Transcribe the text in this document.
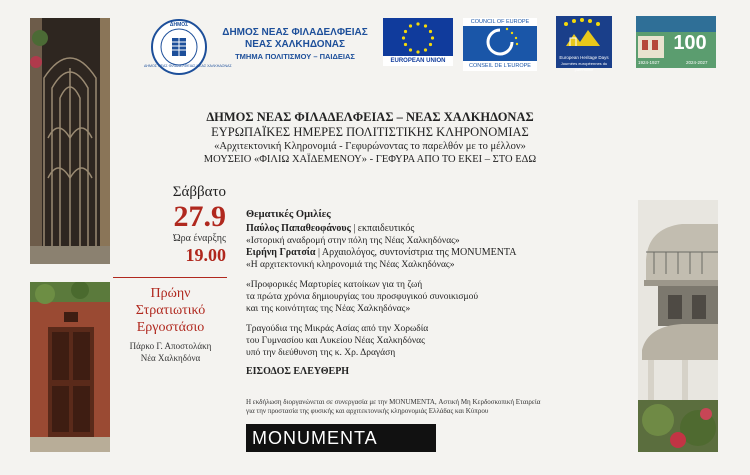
ΔΗΜΟΣ
ΔΗΜΟΣ ΝΕΑΣ ΦΙΛΑΔΕΛΦΕΙΑΣ-ΝΕΑΣ ΧΑΛΚΗΔΟΝΑΣ
ΔΗΜΟΣ ΝΕΑΣ ΦΙΛΑΔΕΛΦΕΙΑΣ
ΝΕΑΣ ΧΑΛΚΗΔΟΝΑΣ
ΤΜΗΜΑ ΠΟΛΙΤΙΣΜΟΥ – ΠΑΙΔΕΙΑΣ	EUROPEAN UNION
COUNCIL OF EUROPE
CONSEIL DE L'EUROPE
European Heritage Days
Journées européennes du patrimoine
100
1924-1927	2024-2027
ΔΗΜΟΣ ΝΕΑΣ ΦΙΛΑΔΕΛΦΕΙΑΣ – ΝΕΑΣ ΧΑΛΚΗΔΟΝΑΣ
ΕΥΡΩΠΑΪΚΕΣ ΗΜΕΡΕΣ ΠΟΛΙΤΙΣΤΙΚΗΣ ΚΛΗΡΟΝΟΜΙΑΣ
«Αρχιτεκτονική Κληρονομιά - Γεφυρώνοντας το παρελθόν με το μέλλον»
ΜΟΥΣΕΙΟ «ΦΙΛΙΩ ΧΑΪΔΕΜΕΝΟΥ» - ΓΕΦΥΡΑ ΑΠΟ ΤΟ ΕΚΕΙ – ΣΤΟ ΕΔΩ
Σάββατο
27.9
Ώρα έναρξης
19.00
Πρώην
Στρατιωτικό
Εργοστάσιο
Πάρκο Γ. Αποστολάκη
Νέα Χαλκηδόνα
Θεματικές Ομιλίες
Παύλος Παπαθεοφάνους | εκπαιδευτικός
«Ιστορική αναδρομή στην πόλη της Νέας Χαλκηδόνας»
Ειρήνη Γρατσία | Αρχαιολόγος, συντονίστρια της MONUMENTA
«Η αρχιτεκτονική κληρονομιά της Νέας Χαλκηδόνας»
«Προφορικές Μαρτυρίες κατοίκων για τη ζωή
τα πρώτα χρόνια δημιουργίας του προσφυγικού συνοικισμού
και της κοινότητας της Νέας Χαλκηδόνας»
Τραγούδια της Μικράς Ασίας από την Χορωδία
του Γυμνασίου και Λυκείου Νέας Χαλκηδόνας
υπό την διεύθυνση της κ. Χρ. Δραγάση
ΕΙΣΟΔΟΣ ΕΛΕΥΘΕΡΗ
Η εκδήλωση διοργανώνεται σε συνεργασία με την MONUMENTA, Αστική Μη Κερδοσκοπική Εταιρεία
για την προστασία της φυσικής και αρχιτεκτονικής κληρονομιάς Ελλάδας και Κύπρου
MONUMENTA
